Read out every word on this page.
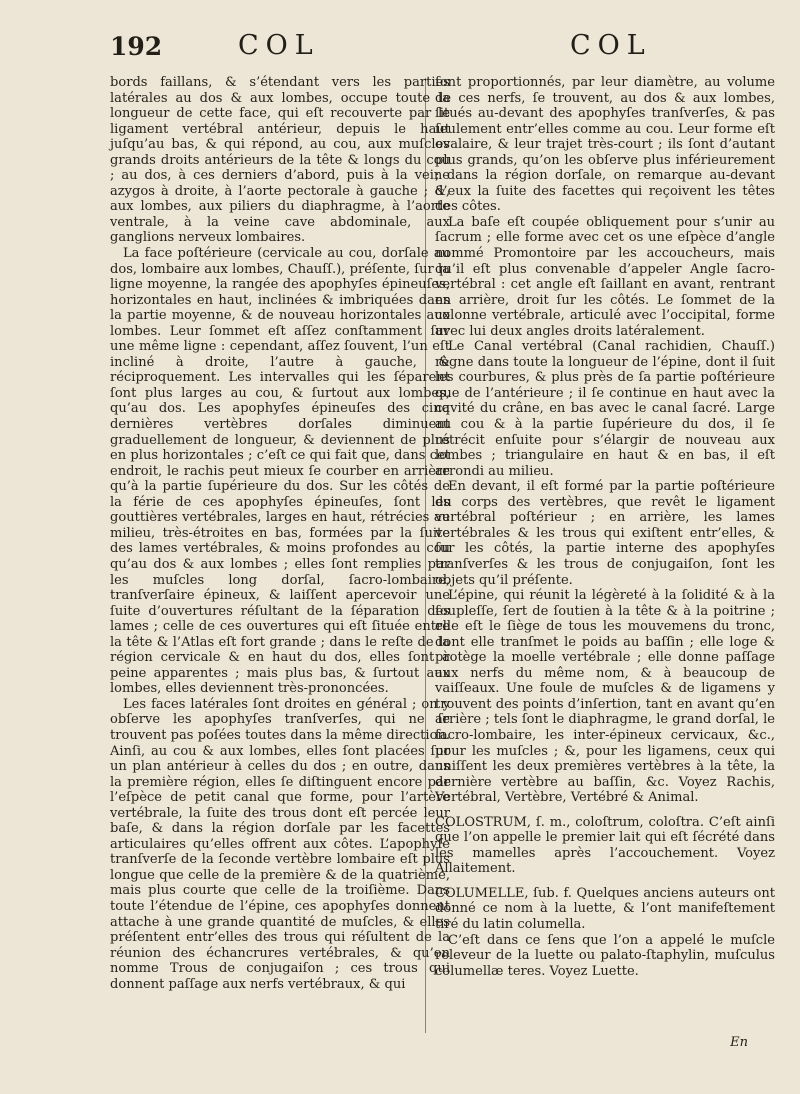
192	COL	COL

bords faillans, & s’étendant vers les parties latérales au dos & aux lombes, occupe toute la longueur de cette face, qui eſt recouverte par le ligament vertébral antérieur, depuis le haut juſqu’au bas, & qui répond, au cou, aux muſcles grands droits antérieurs de la tête & longs du cou ; au dos, à ces derniers d’abord, puis à la veine azygos à droite, à l’aorte pectorale à gauche ; &, aux lombes, aux piliers du diaphragme, à l’aorte ventrale, à la veine cave abdominale, aux ganglions nerveux lombaires.

La face poſtérieure (cervicale au cou, dorſale au dos, lombaire aux lombes, Chauſſ.), préſente, ſur la ligne moyenne, la rangée des apophyſes épineuſes, horizontales en haut, inclinées & imbriquées dans la partie moyenne, & de nouveau horizontales aux lombes. Leur ſommet eſt aſſez conſtamment ſur une même ligne : cependant, aſſez ſouvent, l’un eſt incliné à droite, l’autre à gauche, & réciproquement. Les intervalles qui les ſéparent ſont plus larges au cou, & ſurtout aux lombes, qu’au dos. Les apophyſes épineuſes des cinq dernières vertèbres dorſales diminuent graduellement de longueur, & deviennent de plus en plus horizontales ; c’eſt ce qui fait que, dans cet endroit, le rachis peut mieux ſe courber en arrière qu’à la partie ſupérieure du dos. Sur les côtés de la férie de ces apophyſes épineuſes, ſont les gouttières vertébrales, larges en haut, rétrécies au milieu, très-étroites en bas, formées par la ſuite des lames vertébrales, & moins profondes au cou qu’au dos & aux lombes ; elles ſont remplies par les muſcles long dorſal, ſacro-lombaire, tranſverſaire épineux, & laiſſent apercevoir une ſuite d’ouvertures réſultant de la ſéparation des lames ; celle de ces ouvertures qui eſt ſituée entre la tête & l’Atlas eſt fort grande ; dans le reſte de la région cervicale & en haut du dos, elles ſont à peine apparentes ; mais plus bas, & ſurtout aux lombes, elles deviennent très-prononcées.

Les faces latérales ſont droites en général ; on y obſerve les apophyſes tranſverſes, qui ne ſe trouvent pas poſées toutes dans la même direction. Ainſi, au cou & aux lombes, elles ſont placées ſur un plan antérieur à celles du dos ; en outre, dans la première région, elles ſe diſtinguent encore par l’eſpèce de petit canal que forme, pour l’artère vertébrale, la ſuite des trous dont eſt percée leur baſe, & dans la région dorſale par les facettes articulaires qu’elles offrent aux côtes. L’apophyſe tranſverſe de la ſeconde vertèbre lombaire eſt plus longue que celle de la première & de la quatrième, mais plus courte que celle de la troiſième. Dans toute l’étendue de l’épine, ces apophyſes donnent attache à une grande quantité de muſcles, & elles préſentent entr’elles des trous qui réſultent de la réunion des échancrures vertébrales, & qu’on nomme Trous de conjugaiſon ; ces trous qui donnent paſſage aux nerfs vertébraux, & qui

ſont proportionnés, par leur diamètre, au volume de ces nerfs, ſe trouvent, au dos & aux lombes, ſitués au-devant des apophyſes tranſverſes, & pas ſeulement entr’elles comme au cou. Leur forme eſt ovalaire, & leur trajet très-court ; ils ſont d’autant plus grands, qu’on les obſerve plus inférieurement ; dans la région dorſale, on remarque au-devant d’eux la ſuite des facettes qui reçoivent les têtes des côtes.

La baſe eſt coupée obliquement pour s’unir au ſacrum ; elle forme avec cet os une eſpèce d’angle nommé Promontoire par les accoucheurs, mais qu’il eſt plus convenable d’appeler Angle ſacro-vertébral : cet angle eſt ſaillant en avant, rentrant en arrière, droit ſur les côtés. Le ſommet de la colonne vertébrale, articulé avec l’occipital, forme avec lui deux angles droits latéralement.

Le Canal vertébral (Canal rachidien, Chauſſ.) règne dans toute la longueur de l’épine, dont il ſuit les courbures, & plus près de ſa partie poſtérieure que de l’antérieure ; il ſe continue en haut avec la cavité du crâne, en bas avec le canal ſacré. Large au cou & à la partie ſupérieure du dos, il ſe rétrécit enſuite pour s’élargir de nouveau aux lombes ; triangulaire en haut & en bas, il eſt arrondi au milieu.

En devant, il eſt formé par la partie poſtérieure du corps des vertèbres, que revêt le ligament vertébral poſtérieur ; en arrière, les lames vertébrales & les trous qui exiſtent entr’elles, & ſur les côtés, la partie interne des apophyſes tranſverſes & les trous de conjugaiſon, ſont les objets qu’il préſente.

L’épine, qui réunit la légèreté à la ſolidité & à la ſoupleſſe, ſert de ſoutien à la tête & à la poitrine ; elle eſt le ſiège de tous les mouvemens du tronc, dont elle tranſmet le poids au baſſin ; elle loge & protège la moelle vertébrale ; elle donne paſſage aux nerfs du même nom, & à beaucoup de vaiſſeaux. Une foule de muſcles & de ligamens y trouvent des points d’inſertion, tant en avant qu’en arrière ; tels ſont le diaphragme, le grand dorſal, le ſacro-lombaire, les inter-épineux cervicaux, &c., pour les muſcles ; &, pour les ligamens, ceux qui uniſſent les deux premières vertèbres à la tête, la dernière vertèbre au baſſin, &c. Voyez Rachis, Vertébral, Vertèbre, Vertébré & Animal.

COLOSTRUM, ſ. m., coloſtrum, coloſtra. C’eſt ainſi que l’on appelle le premier lait qui eſt ſécrété dans les mamelles après l’accouchement. Voyez Allaitement.

COLUMELLE, ſub. f. Quelques anciens auteurs ont donné ce nom à la luette, & l’ont manifeſtement tiré du latin columella.

C’eſt dans ce ſens que l’on a appelé le muſcle releveur de la luette ou palato-ſtaphylin, muſculus columellæ teres. Voyez Luette.

En
